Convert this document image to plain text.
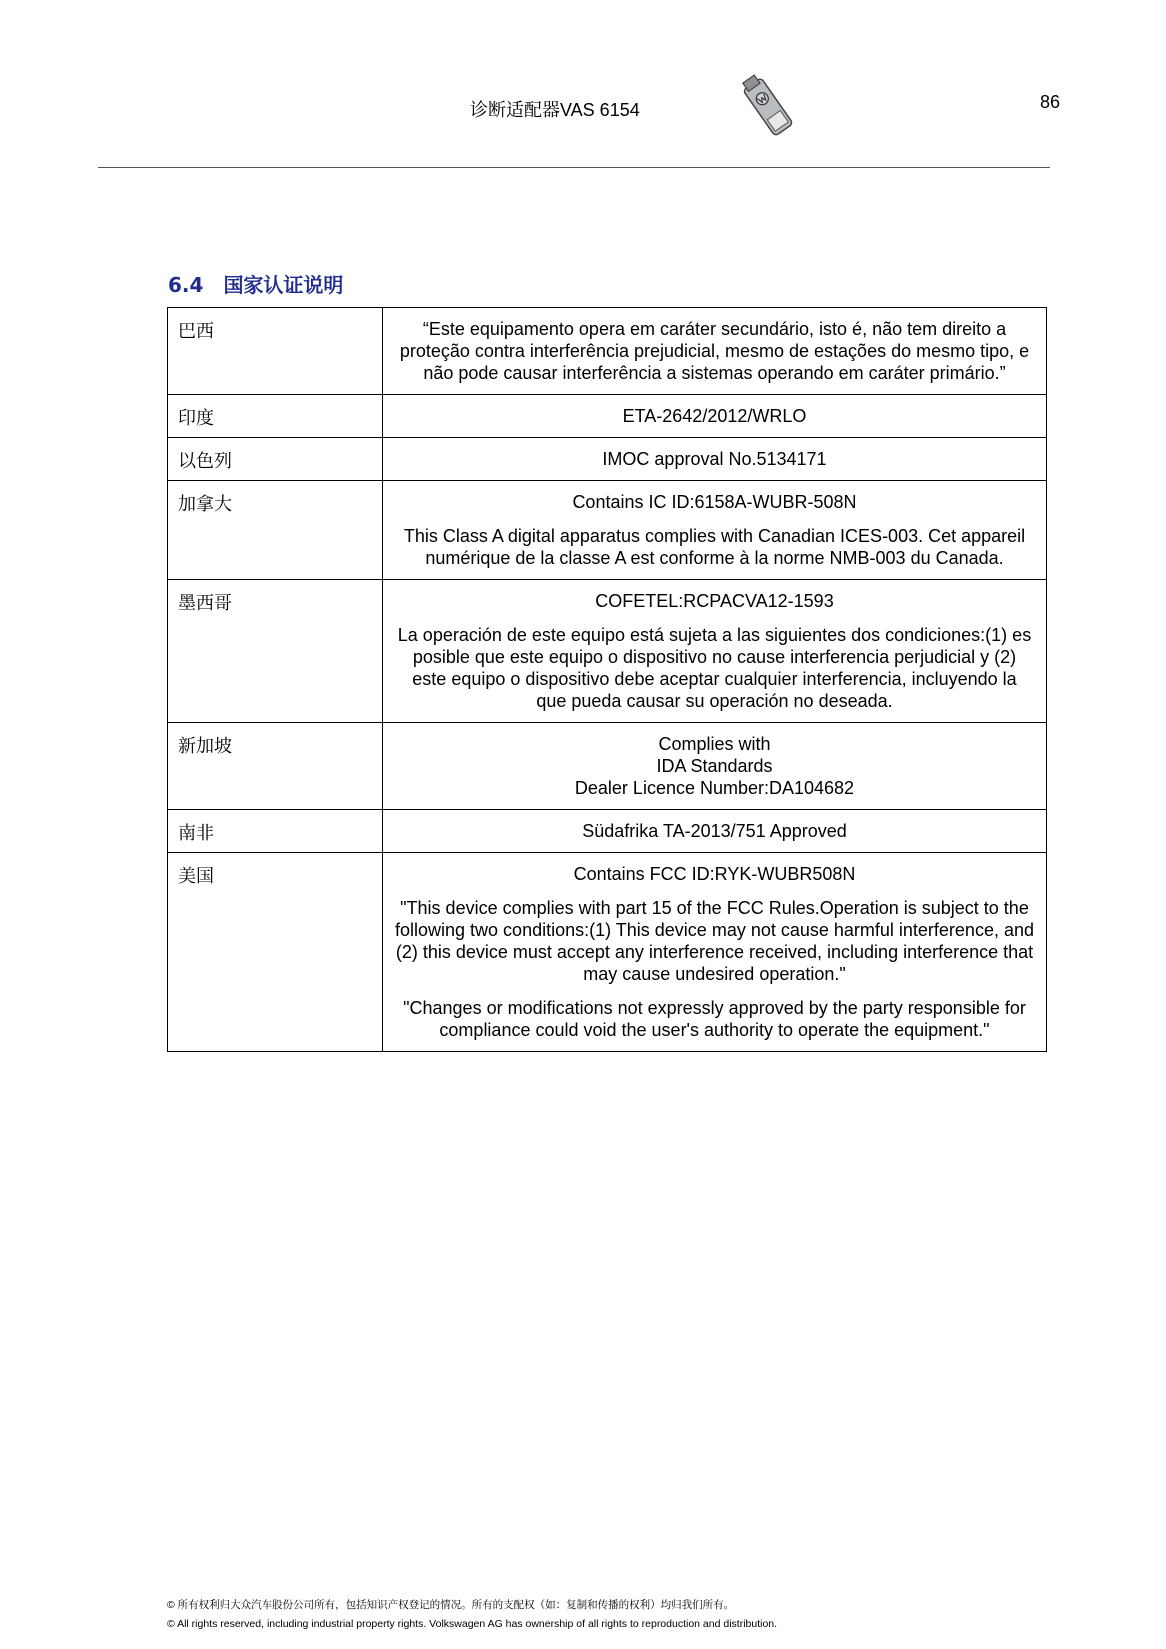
诊断适配器VAS 6154	86
6.4 国家认证说明
巴西	“Este equipamento opera em caráter secundário, isto é, não tem direito a proteção contra interferência prejudicial, mesmo de estações do mesmo tipo, e não pode causar interferência a sistemas operando em caráter primário.”

印度	ETA-2642/2012/WRLO

以色列	IMOC approval No.5134171

加拿大	Contains IC ID:6158A-WUBR-508N

This Class A digital apparatus complies with Canadian ICES-003. Cet appareil numérique de la classe A est conforme à la norme NMB-003 du Canada.

墨西哥	COFETEL:RCPACVA12-1593

La operación de este equipo está sujeta a las siguientes dos condiciones:(1) es posible que este equipo o dispositivo no cause interferencia perjudicial y (2) este equipo o dispositivo debe aceptar cualquier interferencia, incluyendo la que pueda causar su operación no deseada.

新加坡	Complies with

IDA Standards

Dealer Licence Number:DA104682

南非	Südafrika TA-2013/751 Approved

美国	Contains FCC ID:RYK-WUBR508N

"This device complies with part 15 of the FCC Rules.Operation is subject to the following two conditions:(1) This device may not cause harmful interference, and (2) this device must accept any interference received, including interference that may cause undesired operation."

"Changes or modifications not expressly approved by the party responsible for compliance could void the user's authority to operate the equipment."

© 所有权利归大众汽车股份公司所有，包括知识产权登记的情况。所有的支配权（如：复制和传播的权利）均归我们所有。
© All rights reserved, including industrial property rights. Volkswagen AG has ownership of all rights to reproduction and distribution.
